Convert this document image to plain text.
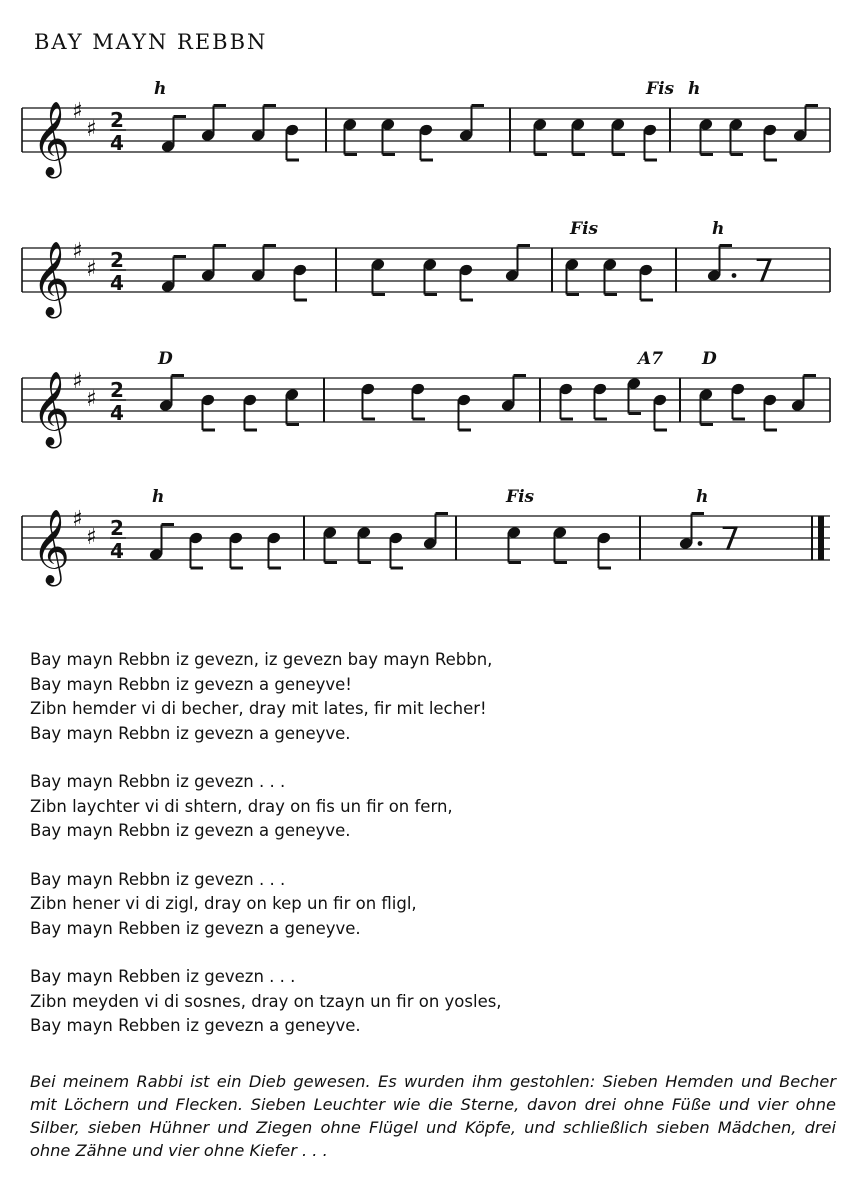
BAY MAYN REBBN
𝄞 ♯
♯ 2
4
h	Fis h
𝄞 ♯
♯ 2
4	7
Fis	h
𝄞 ♯
♯ 2
4
D	A7 D
𝄞 ♯
♯ 2
4	7
h	Fis	h
Bay mayn Rebbn iz gevezn, iz gevezn bay mayn Rebbn,
Bay mayn Rebbn iz gevezn a geneyve!
Zibn hemder vi di becher, dray mit lates, fir mit lecher!
Bay mayn Rebbn iz gevezn a geneyve.
Bay mayn Rebbn iz gevezn . . .
Zibn laychter vi di shtern, dray on fis un fir on fern,
Bay mayn Rebbn iz gevezn a geneyve.
Bay mayn Rebbn iz gevezn . . .
Zibn hener vi di zigl, dray on kep un fir on fligl,
Bay mayn Rebben iz gevezn a geneyve.
Bay mayn Rebben iz gevezn . . .
Zibn meyden vi di sosnes, dray on tzayn un fir on yosles,
Bay mayn Rebben iz gevezn a geneyve.
Bei meinem Rabbi ist ein Dieb gewesen. Es wurden ihm gestohlen: Sieben Hemden und Becher mit Löchern und Flecken. Sieben Leuchter wie die Sterne, davon drei ohne Füße und vier ohne Silber, sieben Hühner und Ziegen ohne Flügel und Köpfe, und schließlich sieben Mädchen, drei ohne Zähne und vier ohne Kiefer . . .
